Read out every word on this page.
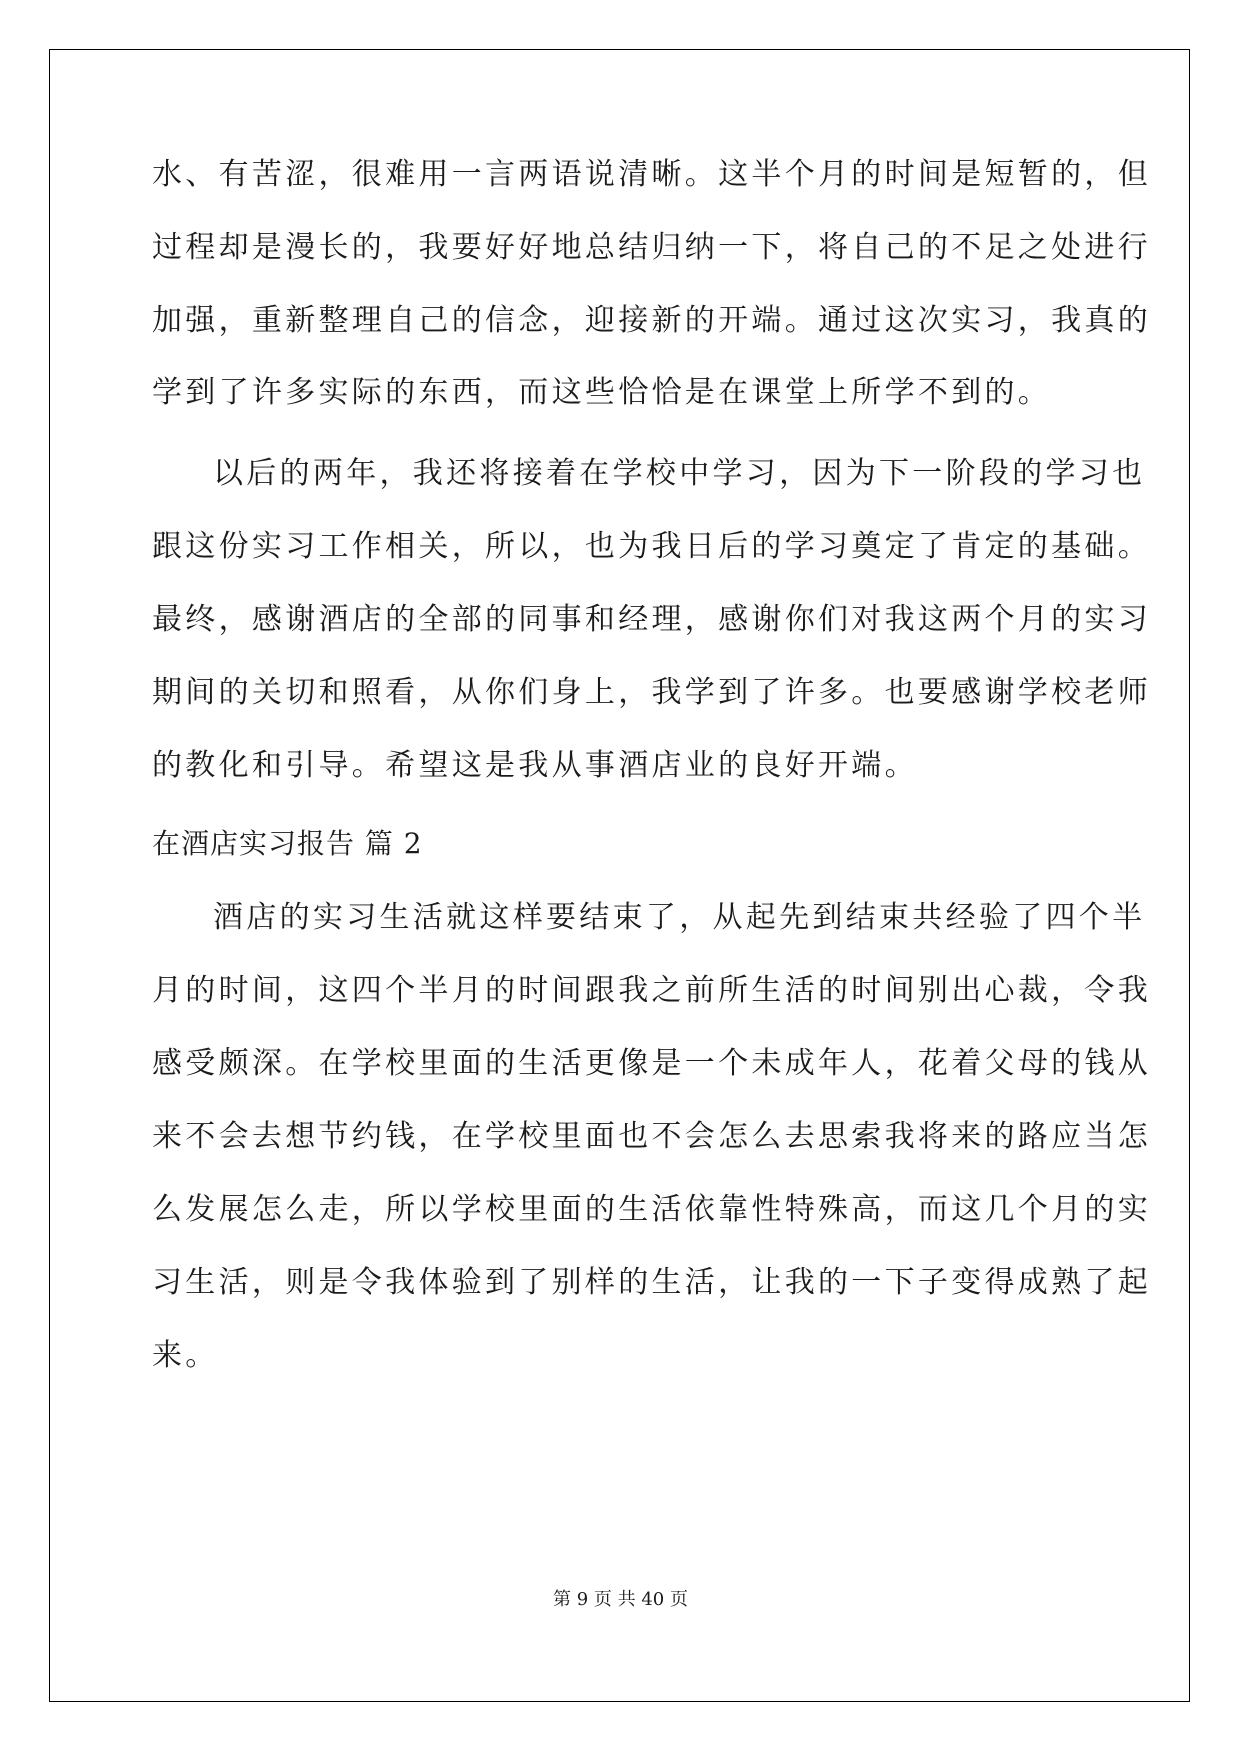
水、有苦涩，很难用一言两语说清晰。这半个月的时间是短暂的，但

过程却是漫长的，我要好好地总结归纳一下，将自己的不足之处进行

加强，重新整理自己的信念，迎接新的开端。通过这次实习，我真的

学到了许多实际的东西，而这些恰恰是在课堂上所学不到的。

以后的两年，我还将接着在学校中学习，因为下一阶段的学习也

跟这份实习工作相关，所以，也为我日后的学习奠定了肯定的基础。

最终，感谢酒店的全部的同事和经理，感谢你们对我这两个月的实习

期间的关切和照看，从你们身上，我学到了许多。也要感谢学校老师

的教化和引导。希望这是我从事酒店业的良好开端。

在酒店实习报告 篇 2

酒店的实习生活就这样要结束了，从起先到结束共经验了四个半

月的时间，这四个半月的时间跟我之前所生活的时间别出心裁，令我

感受颇深。在学校里面的生活更像是一个未成年人，花着父母的钱从

来不会去想节约钱，在学校里面也不会怎么去思索我将来的路应当怎

么发展怎么走，所以学校里面的生活依靠性特殊高，而这几个月的实

习生活，则是令我体验到了别样的生活，让我的一下子变得成熟了起

来。

第 9 页 共 40 页
